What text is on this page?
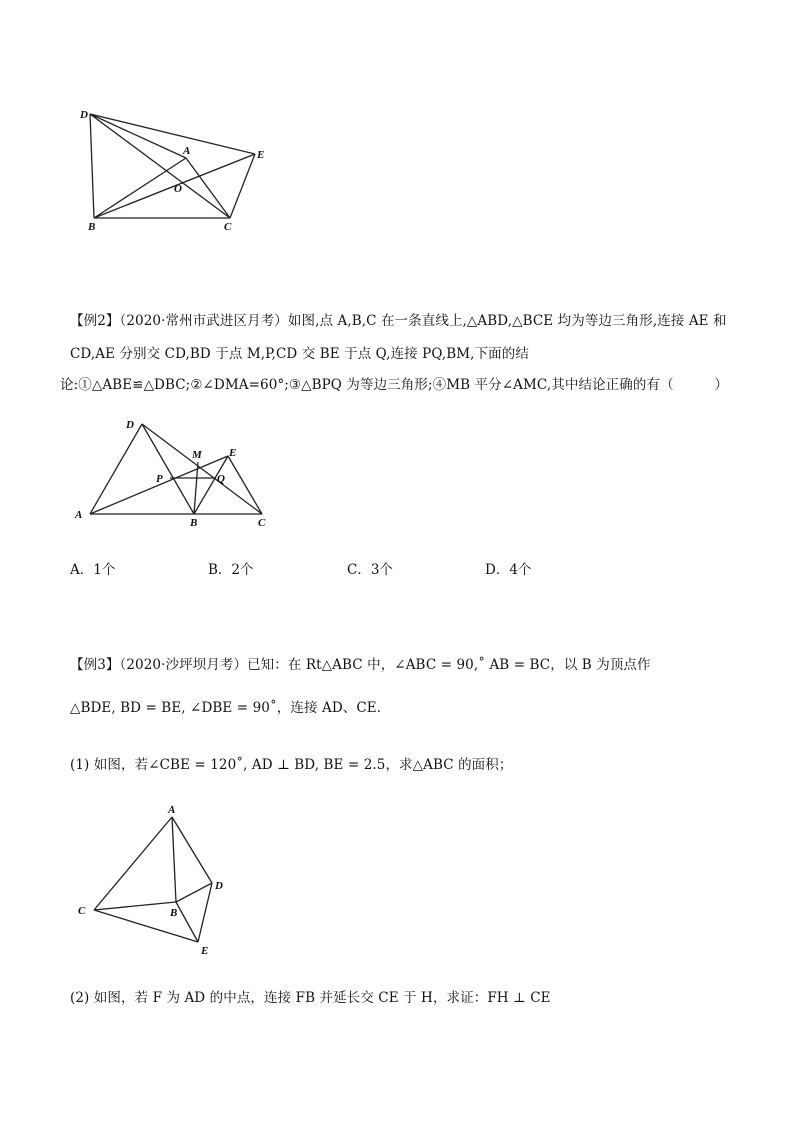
D
A	E
O
B	C
【例2】（2020·常州市武进区月考）如图,点 A,B,C 在一条直线上,△ABD,△BCE 均为等边三角形,连接 AE 和
CD,AE 分别交 CD,BD 于点 M,P,CD 交 BE 于点 Q,连接 PQ,BM,下面的结
论:①△ABE≌△DBC;②∠DMA=60°;③△BPQ 为等边三角形;④MB 平分∠AMC,其中结论正确的有（　　　）
D
M E
P	Q
A
B	C
A．1个	B．2个	C．3个	D．4个
【例3】（2020·沙坪坝月考）已知：在 Rt△ABC 中，∠ABC = 90,˚ AB = BC，以 B 为顶点作
△BDE, BD = BE, ∠DBE = 90˚，连接 AD、CE．
(1) 如图，若∠CBE = 120˚, AD ⊥ BD, BE = 2.5，求△ABC 的面积；
A
D
C	B
E
(2) 如图，若 F 为 AD 的中点，连接 FB 并延长交 CE 于 H，求证：FH ⊥ CE
